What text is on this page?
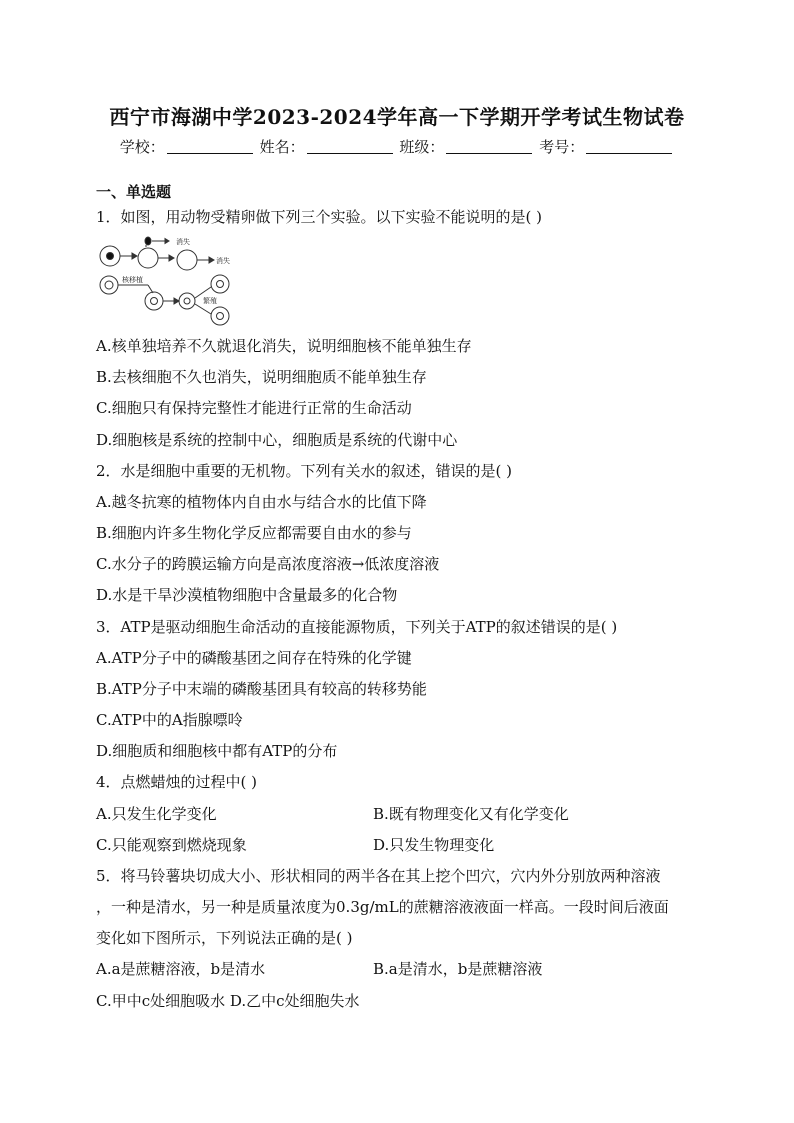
西宁市海湖中学2023-2024学年高一下学期开学考试生物试卷
学校：	姓名：	班级：	考号：
一、单选题
1．如图，用动物受精卵做下列三个实验。以下实验不能说明的是( )
消失
消失
核移植
繁殖
A.核单独培养不久就退化消失，说明细胞核不能单独生存
B.去核细胞不久也消失，说明细胞质不能单独生存
C.细胞只有保持完整性才能进行正常的生命活动
D.细胞核是系统的控制中心，细胞质是系统的代谢中心
2．水是细胞中重要的无机物。下列有关水的叙述，错误的是( )
A.越冬抗寒的植物体内自由水与结合水的比值下降
B.细胞内许多生物化学反应都需要自由水的参与
C.水分子的跨膜运输方向是高浓度溶液→低浓度溶液
D.水是干旱沙漠植物细胞中含量最多的化合物
3．ATP是驱动细胞生命活动的直接能源物质，下列关于ATP的叙述错误的是( )
A.ATP分子中的磷酸基团之间存在特殊的化学键
B.ATP分子中末端的磷酸基团具有较高的转移势能
C.ATP中的A指腺嘌呤
D.细胞质和细胞核中都有ATP的分布
4．点燃蜡烛的过程中( )
A.只发生化学变化	B.既有物理变化又有化学变化
C.只能观察到燃烧现象	D.只发生物理变化
5．将马铃薯块切成大小、形状相同的两半各在其上挖个凹穴，穴内外分别放两种溶液
，一种是清水，另一种是质量浓度为0.3g/mL的蔗糖溶液液面一样高。一段时间后液面
变化如下图所示，下列说法正确的是( )
A.a是蔗糖溶液，b是清水	B.a是清水，b是蔗糖溶液
C.甲中c处细胞吸水 D.乙中c处细胞失水
